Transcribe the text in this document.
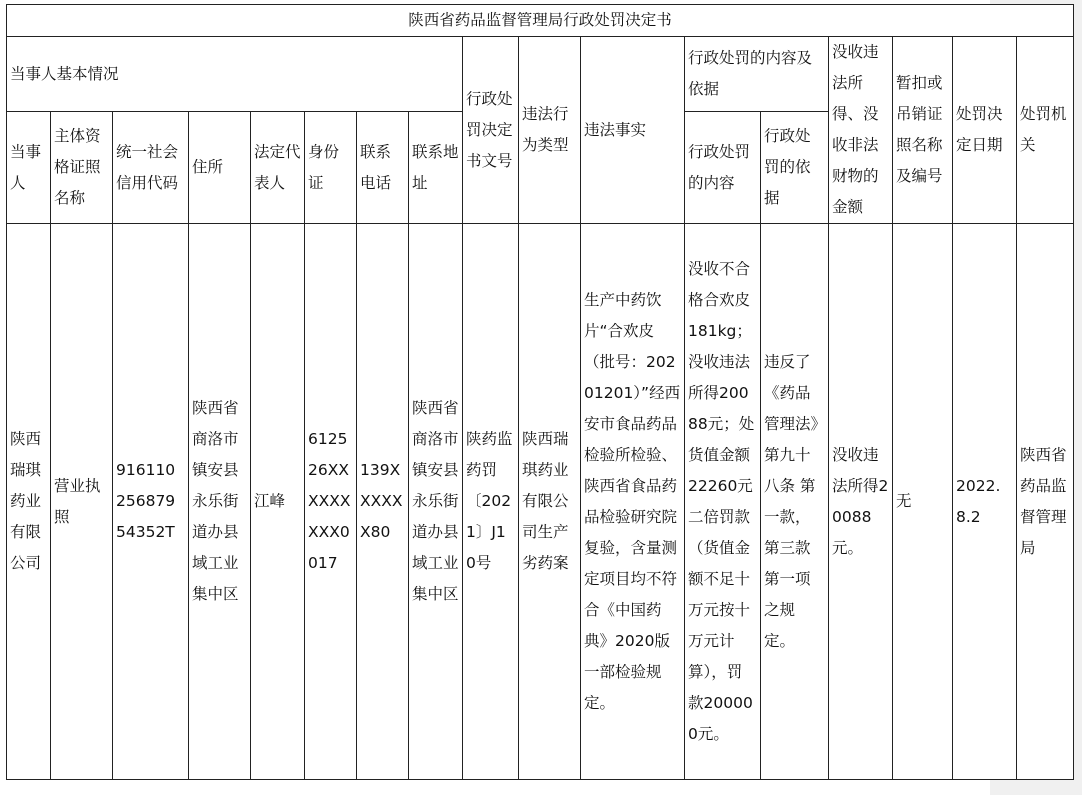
陕西省药品监督管理局行政处罚决定书																
当事人基本情况								行政处罚决定书文号	违法行为类型	违法事实	行政处罚的内容及依据		没收违法所得、没收非法财物的金额	暂扣或吊销证照名称及编号	处罚决定日期	处罚机关
当事人	主体资格证照名称	统一社会信用代码	住所	法定代表人	身份证	联系电话	联系地址				行政处罚的内容	行政处罚的依据				
陕西瑞琪药业有限公司	营业执照	91611025687954352T	陕西省商洛市镇安县永乐街道办县域工业集中区	江峰	612526XXXXXXXXX0017	139XXXXXX80	陕西省商洛市镇安县永乐街道办县域工业集中区	陕药监药罚〔2021〕J10号	陕西瑞琪药业有限公司生产劣药案	生产中药饮片“合欢皮（批号：20201201）”经西安市食品药品检验所检验、陕西省食品药品检验研究院复验，含量测定项目均不符合《中国药典》2020版一部检验规定。	没收不合格合欢皮181kg；没收违法所得20088元；处货值金额22260元二倍罚款（货值金额不足十万元按十万元计算），罚款200000元。	违反了《药品管理法》第九十八条 第一款，第三款 第一项之规定。	没收违法所得20088元。	无	2022.8.2	陕西省药品监督管理局
